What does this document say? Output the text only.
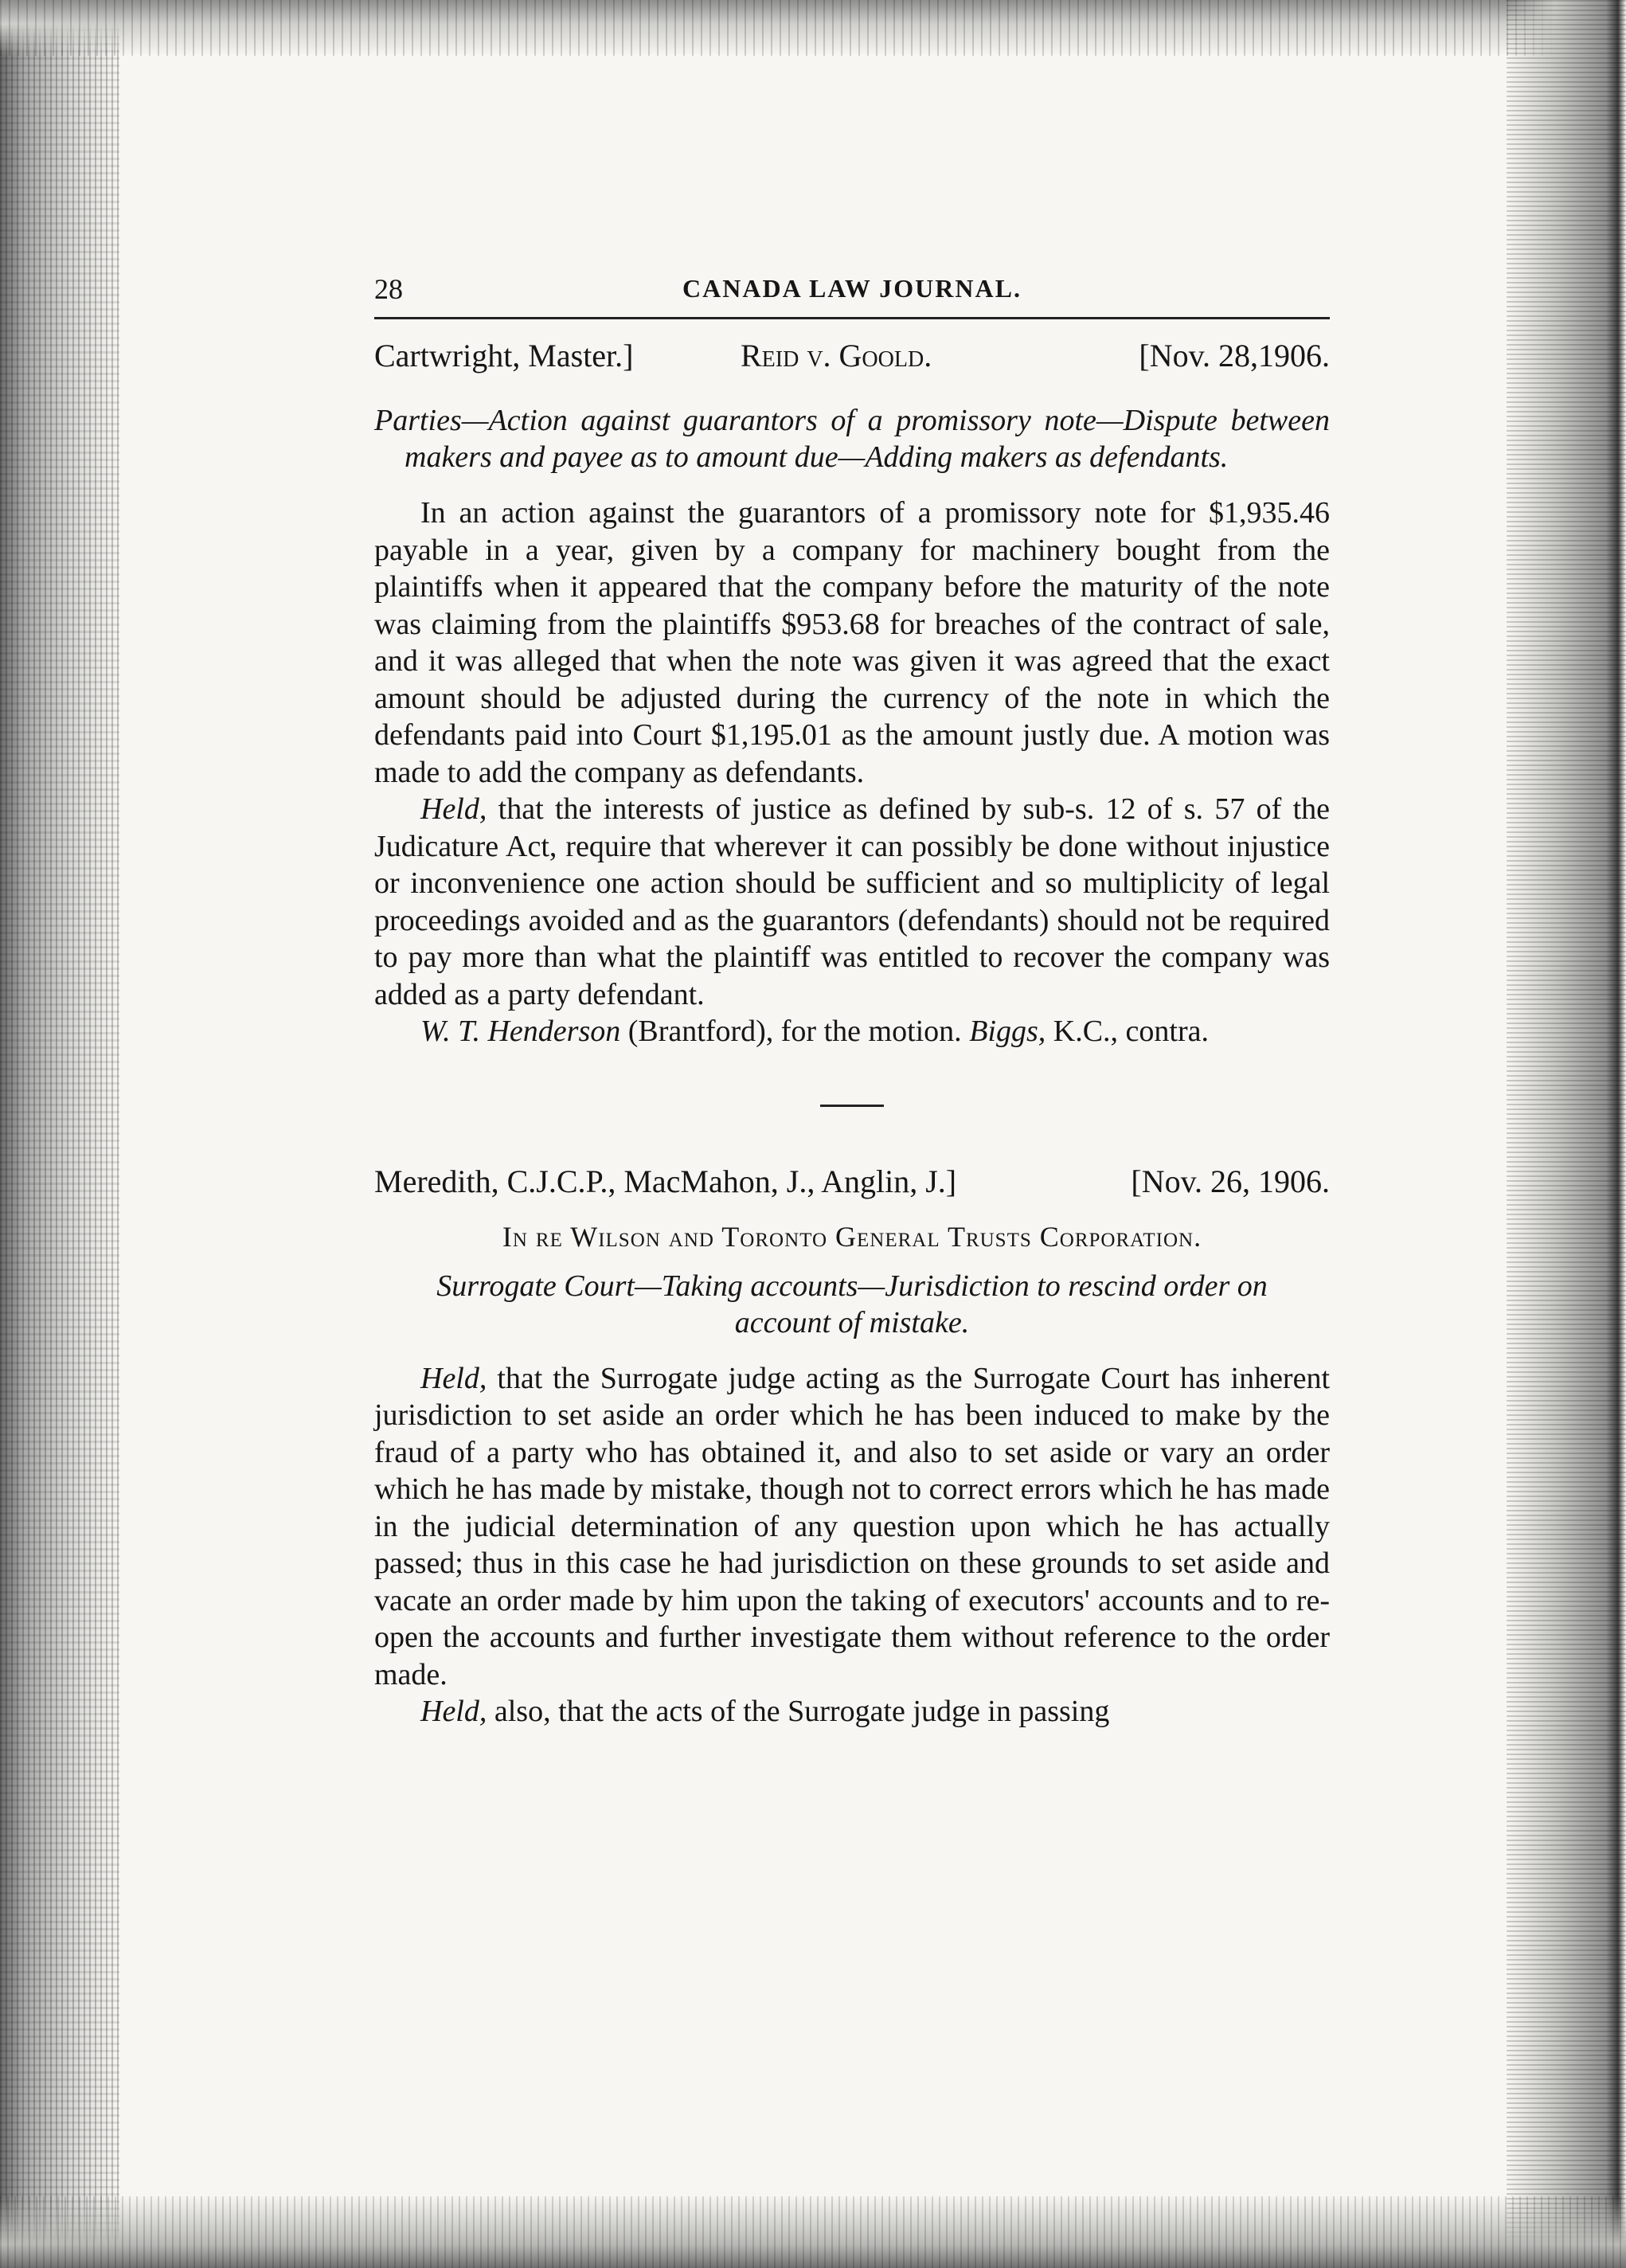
28	CANADA LAW JOURNAL.
Cartwright, Master.]	Reid v. Goold.	[Nov. 28,1906.

Parties—Action against guarantors of a promissory note—Dispute between makers and payee as to amount due—Adding makers as defendants.

In an action against the guarantors of a promissory note for $1,935.46 payable in a year, given by a company for machinery bought from the plaintiffs when it appeared that the company before the maturity of the note was claiming from the plaintiffs $953.68 for breaches of the contract of sale, and it was alleged that when the note was given it was agreed that the exact amount should be adjusted during the currency of the note in which the defendants paid into Court $1,195.01 as the amount justly due. A motion was made to add the company as defendants.

Held, that the interests of justice as defined by sub-s. 12 of s. 57 of the Judicature Act, require that wherever it can possibly be done without injustice or inconvenience one action should be sufficient and so multiplicity of legal proceedings avoided and as the guarantors (defendants) should not be required to pay more than what the plaintiff was entitled to recover the company was added as a party defendant.

W. T. Henderson (Brantford), for the motion. Biggs, K.C., contra.

Meredith, C.J.C.P., MacMahon, J., Anglin, J.]	[Nov. 26, 1906.
In re Wilson and Toronto General Trusts Corporation.

Surrogate Court—Taking accounts—Jurisdiction to rescind order on account of mistake.

Held, that the Surrogate judge acting as the Surrogate Court has inherent jurisdiction to set aside an order which he has been induced to make by the fraud of a party who has obtained it, and also to set aside or vary an order which he has made by mistake, though not to correct errors which he has made in the judicial determination of any question upon which he has actually passed; thus in this case he had jurisdiction on these grounds to set aside and vacate an order made by him upon the taking of executors' accounts and to re-open the accounts and further investigate them without reference to the order made.

Held, also, that the acts of the Surrogate judge in passing
